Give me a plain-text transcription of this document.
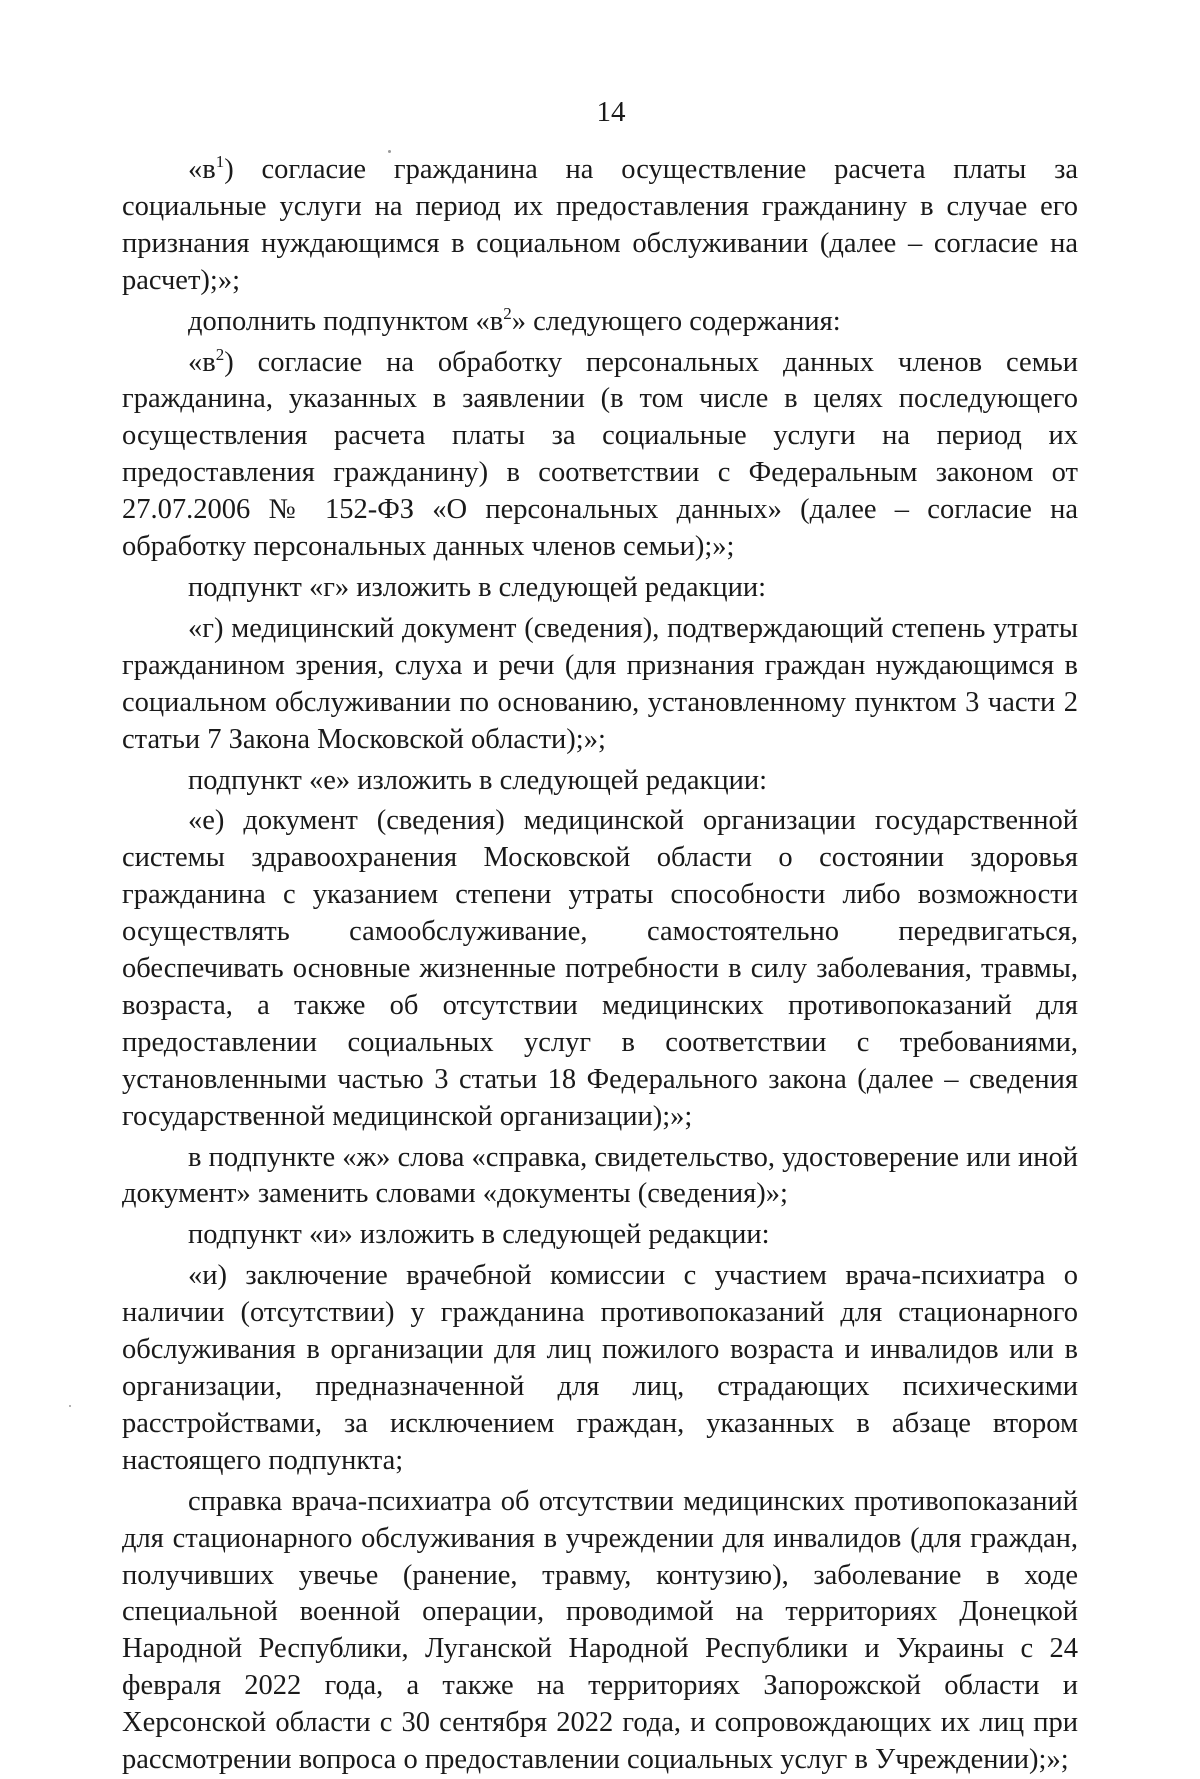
14

«$в^1$) согласие гражданина на осуществление расчета платы за социальные услуги на период их предоставления гражданину в случае его признания нуждающимся в социальном обслуживании (далее – согласие на расчет);»;

дополнить подпунктом «$в^2$» следующего содержания:

«$в^2$) согласие на обработку персональных данных членов семьи гражданина, указанных в заявлении (в том числе в целях последующего осуществления расчета платы за социальные услуги на период их предоставления гражданину) в соответствии с Федеральным законом от 27.07.2006 № 152-ФЗ «О персональных данных» (далее – согласие на обработку персональных данных членов семьи);»;

подпункт «г» изложить в следующей редакции:

«г) медицинский документ (сведения), подтверждающий степень утраты гражданином зрения, слуха и речи (для признания граждан нуждающимся в социальном обслуживании по основанию, установленному пунктом 3 части 2 статьи 7 Закона Московской области);»;

подпункт «е» изложить в следующей редакции:

«е) документ (сведения) медицинской организации государственной системы здравоохранения Московской области о состоянии здоровья гражданина с указанием степени утраты способности либо возможности осуществлять самообслуживание, самостоятельно передвигаться, обеспечивать основные жизненные потребности в силу заболевания, травмы, возраста, а также об отсутствии медицинских противопоказаний для предоставлении социальных услуг в соответствии с требованиями, установленными частью 3 статьи 18 Федерального закона (далее – сведения государственной медицинской организации);»;

в подпункте «ж» слова «справка, свидетельство, удостоверение или иной документ» заменить словами «документы (сведения)»;

подпункт «и» изложить в следующей редакции:

«и) заключение врачебной комиссии с участием врача-психиатра о наличии (отсутствии) у гражданина противопоказаний для стационарного обслуживания в организации для лиц пожилого возраста и инвалидов или в организации, предназначенной для лиц, страдающих психическими расстройствами, за исключением граждан, указанных в абзаце втором настоящего подпункта;

справка врача-психиатра об отсутствии медицинских противопоказаний для стационарного обслуживания в учреждении для инвалидов (для граждан, получивших увечье (ранение, травму, контузию), заболевание в ходе специальной военной операции, проводимой на территориях Донецкой Народной Республики, Луганской Народной Республики и Украины с 24 февраля 2022 года, а также на территориях Запорожской области и Херсонской области с 30 сентября 2022 года, и сопровождающих их лиц при рассмотрении вопроса о предоставлении социальных услуг в Учреждении);»;
